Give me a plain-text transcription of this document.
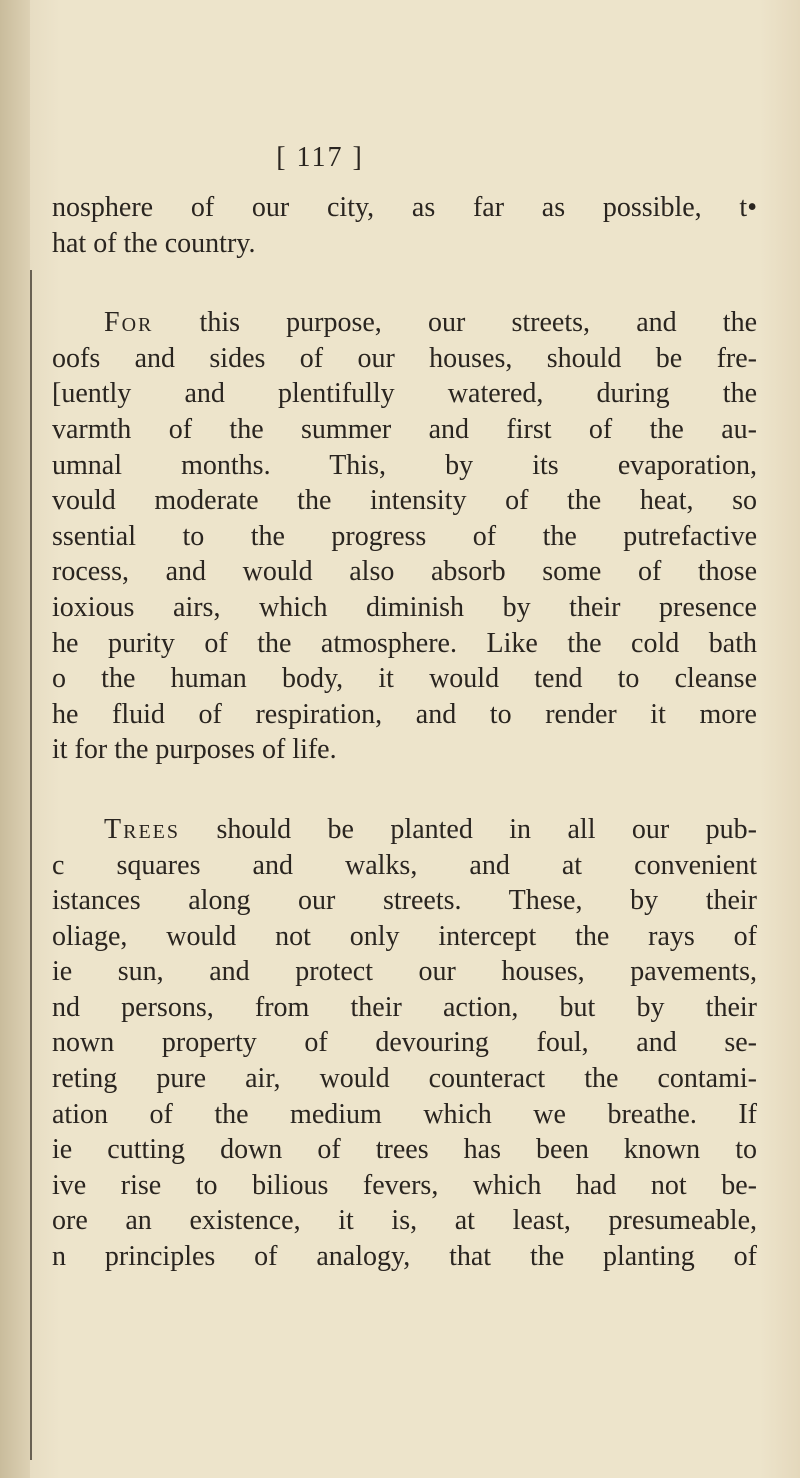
[ 117 ]
nosphere of our city, as far as possible, t•
hat of the country.
For this purpose, our streets, and the
oofs and sides of our houses, should be fre-
[uently and plentifully watered, during the
varmth of the summer and first of the au-
umnal months. This, by its evaporation,
vould moderate the intensity of the heat, so
ssential to the progress of the putrefactive
rocess, and would also absorb some of those
ioxious airs, which diminish by their presence
he purity of the atmosphere. Like the cold bath
o the human body, it would tend to cleanse
he fluid of respiration, and to render it more
it for the purposes of life.
Trees should be planted in all our pub-
c squares and walks, and at convenient
istances along our streets. These, by their
oliage, would not only intercept the rays of
ie sun, and protect our houses, pavements,
nd persons, from their action, but by their
nown property of devouring foul, and se-
reting pure air, would counteract the contami-
ation of the medium which we breathe. If
ie cutting down of trees has been known to
ive rise to bilious fevers, which had not be-
ore an existence, it is, at least, presumeable,
n principles of analogy, that the planting of
